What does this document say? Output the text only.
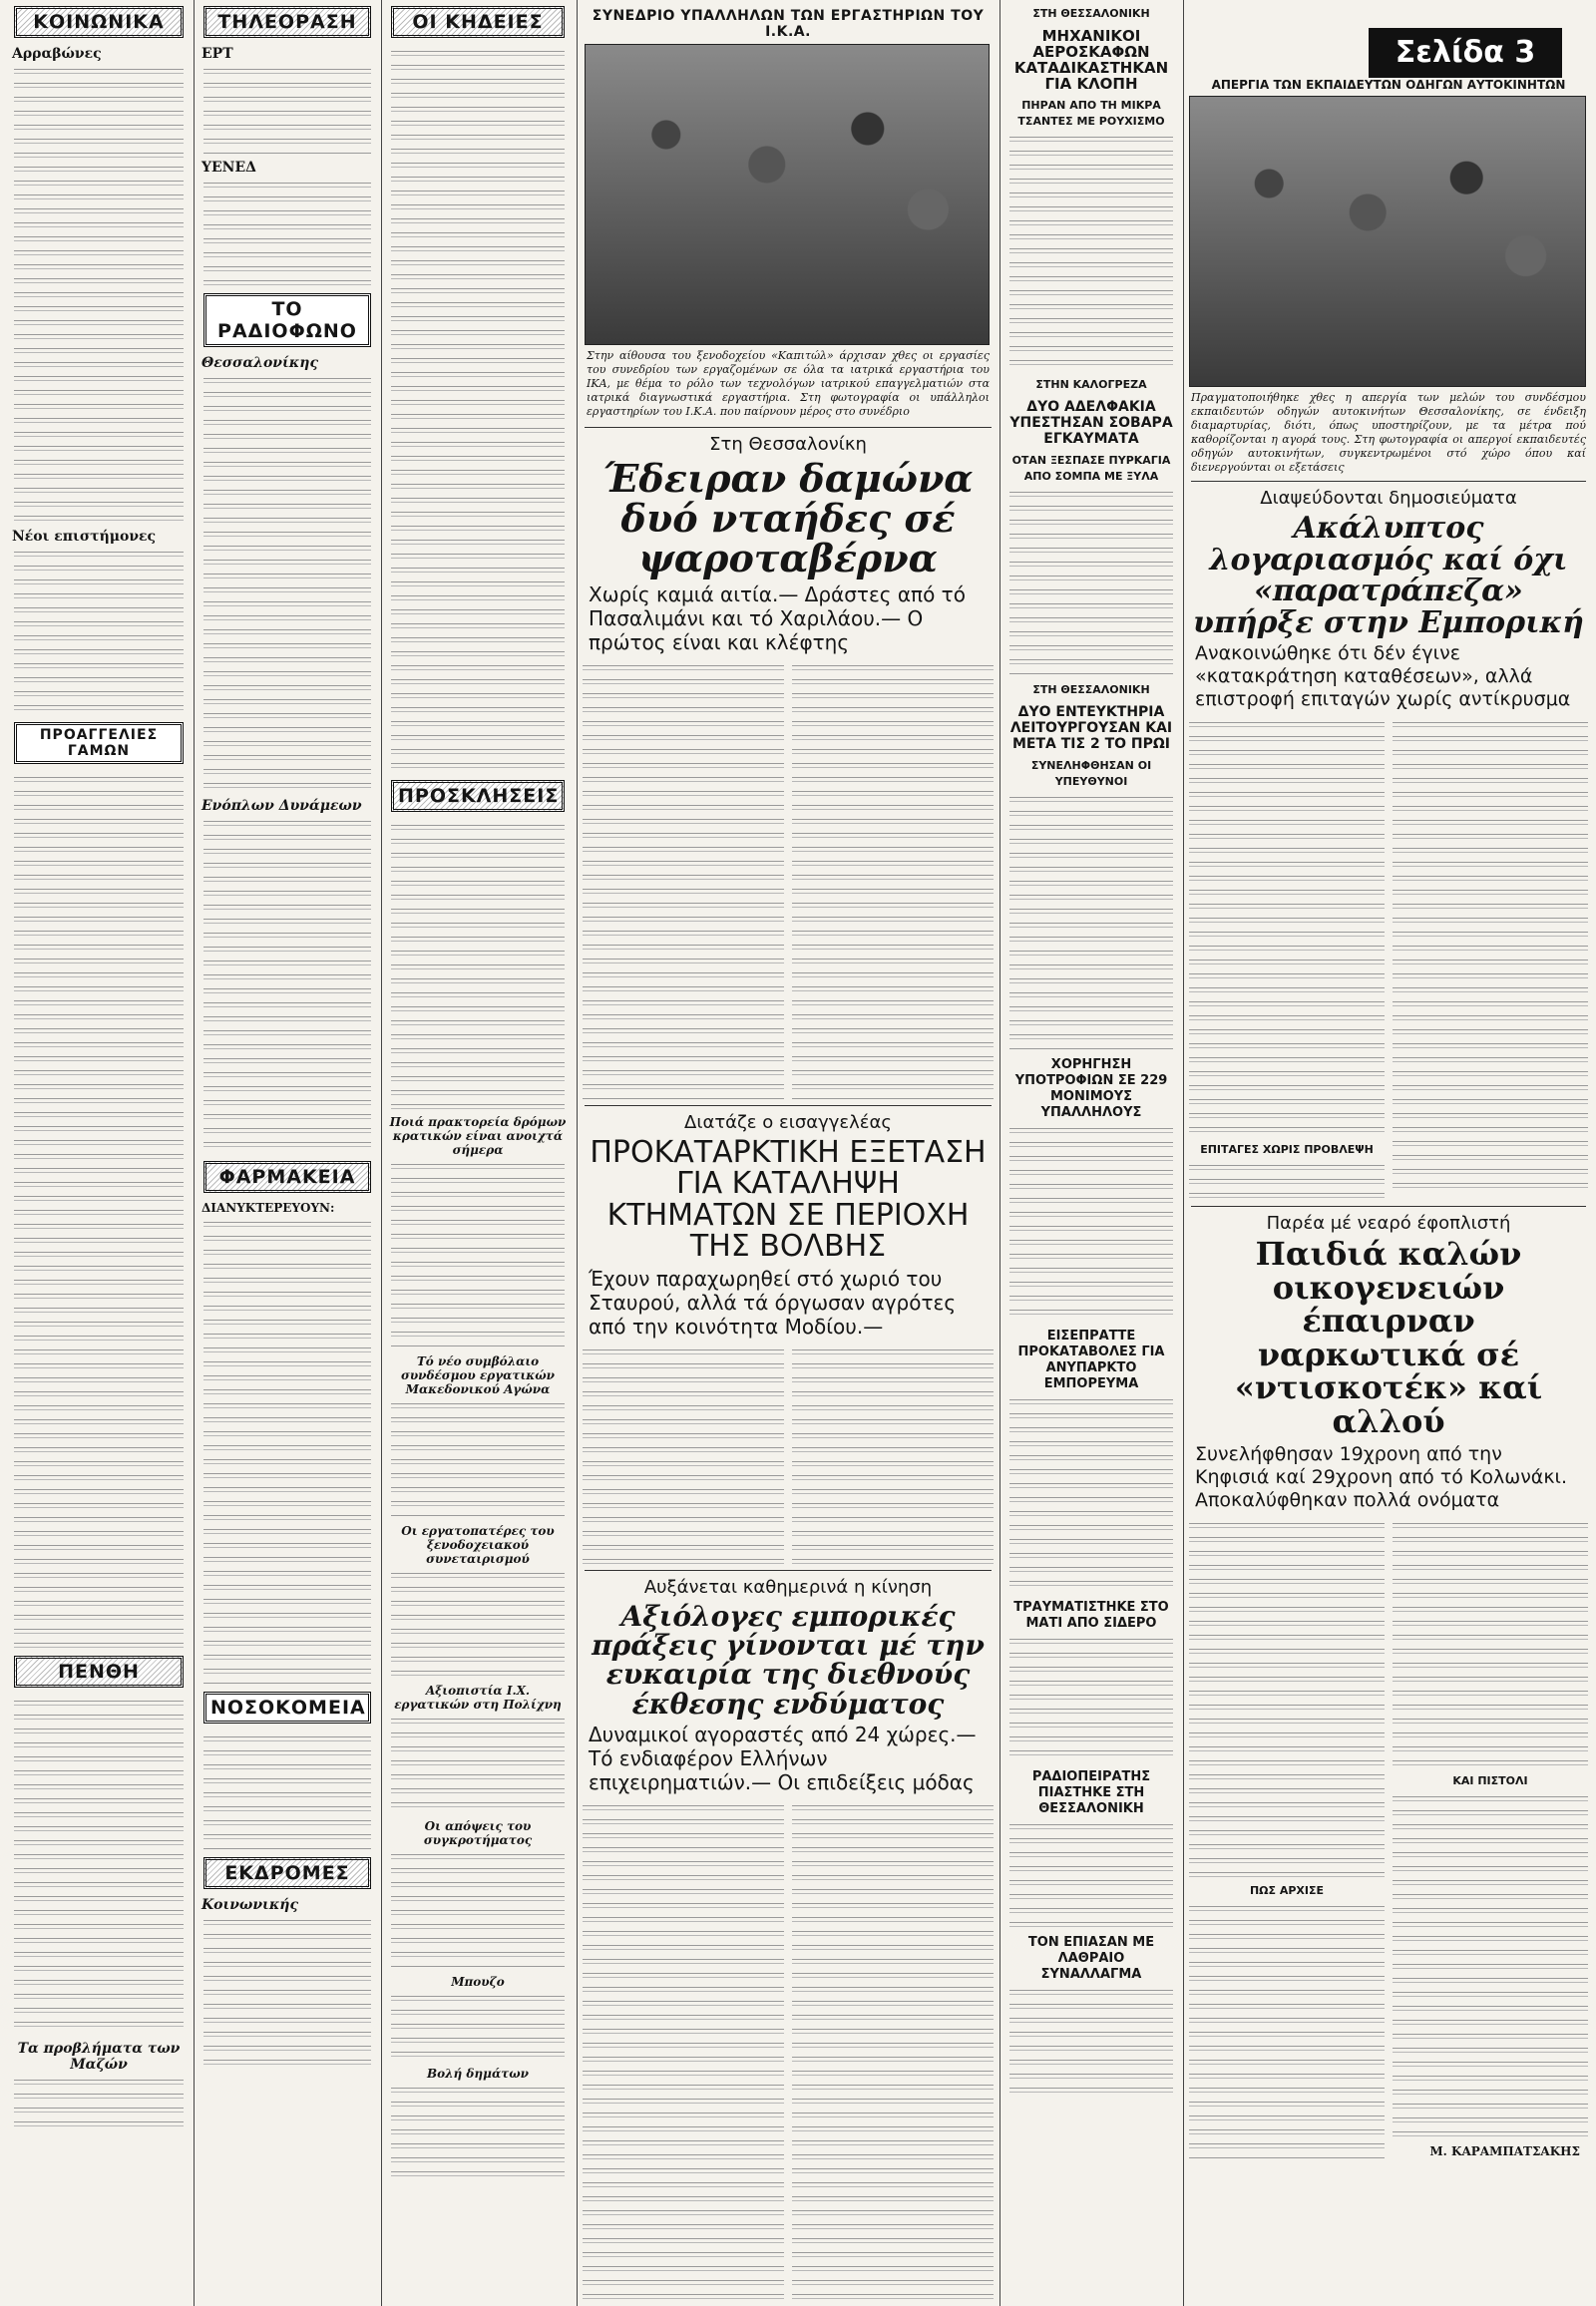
ΚΟΙΝΩΝΙΚΑ
Αρραβώνες
Νέοι επιστήμονες
ΠΡΟΑΓΓΕΛΙΕΣ ΓΑΜΩΝ
ΠΕΝΘΗ
Τα προβλήματα των Μαζών
ΤΗΛΕΟΡΑΣΗ
ΕΡΤ
ΥΕΝΕΔ
ΤΟ ΡΑΔΙΟΦΩΝΟ
Θεσσαλονίκης
Ενόπλων Δυνάμεων
ΦΑΡΜΑΚΕΙΑ
ΔΙΑΝΥΚΤΕΡΕΥΟΥΝ:
ΝΟΣΟΚΟΜΕΙΑ
ΕΚΔΡΟΜΕΣ
Κοινωνικής
ΟΙ ΚΗΔΕΙΕΣ
ΠΡΟΣΚΛΗΣΕΙΣ
Ποιά πρακτορεία δρόμων κρατικών είναι ανοιχτά σήμερα
Τό νέο συμβόλαιο συνδέσμου εργατικών Μακεδονικού Αγώνα
Οι εργατοπατέρες του ξενοδοχειακού συνεταιρισμού
Αξιοπιστία Ι.Χ. εργατικών στη Πολίχνη
Οι απόψεις του συγκροτήματος
Μπουζο
Βολή δημάτων
ΣΥΝΕΔΡΙΟ ΥΠΑΛΛΗΛΩΝ ΤΩΝ ΕΡΓΑΣΤΗΡΙΩΝ ΤΟΥ Ι.Κ.Α.
Στην αίθουσα του ξενοδοχείου «Καπιτώλ» άρχισαν χθες οι εργασίες του συνεδρίου των εργαζομένων σε όλα τα ιατρικά εργαστήρια του ΙΚΑ, με θέμα το ρόλο των τεχνολόγων ιατρικού επαγγελματιών στα ιατρικά διαγνωστικά εργαστήρια. Στη φωτογραφία οι υπάλληλοι εργαστηρίων του Ι.Κ.Α. που παίρνουν μέρος στο συνέδριο
Στη Θεσσαλονίκη
Έδειραν δαμώνα δυό νταήδες σέ ψαροταβέρνα
Χωρίς καμιά αιτία.— Δράστες από τό Πασαλιμάνι και τό Χαριλάου.— Ο πρώτος είναι και κλέφτης
Διατάζε ο εισαγγελέας
ΠΡΟΚΑΤΑΡΚΤΙΚΗ ΕΞΕΤΑΣΗ ΓΙΑ ΚΑΤΑΛΗΨΗ ΚΤΗΜΑΤΩΝ ΣΕ ΠΕΡΙΟΧΗ ΤΗΣ ΒΟΛΒΗΣ
Έχουν παραχωρηθεί στό χωριό του Σταυρού, αλλά τά όργωσαν αγρότες από την κοινότητα Μοδίου.—
Αυξάνεται καθημερινά η κίνηση
Αξιόλογες εμπορικές πράξεις γίνονται μέ την ευκαιρία της διεθνούς έκθεσης ενδύματος
Δυναμικοί αγοραστές από 24 χώρες.— Τό ενδιαφέρον Ελλήνων επιχειρηματιών.— Οι επιδείξεις μόδας
ΣΤΗ ΘΕΣΣΑΛΟΝΙΚΗ
ΜΗΧΑΝΙΚΟΙ ΑΕΡΟΣΚΑΦΩΝ ΚΑΤΑΔΙΚΑΣΤΗΚΑΝ ΓΙΑ ΚΛΟΠΗ
ΠΗΡΑΝ ΑΠΟ ΤΗ ΜΙΚΡΑ ΤΣΑΝΤΕΣ ΜΕ ΡΟΥΧΙΣΜΟ
ΣΤΗΝ ΚΑΛΟΓΡΕΖΑ
ΔΥΟ ΑΔΕΛΦΑΚΙΑ ΥΠΕΣΤΗΣΑΝ ΣΟΒΑΡΑ ΕΓΚΑΥΜΑΤΑ
ΟΤΑΝ ΞΕΣΠΑΣΕ ΠΥΡΚΑΓΙΑ ΑΠΟ ΣΟΜΠΑ ΜΕ ΞΥΛΑ
ΣΤΗ ΘΕΣΣΑΛΟΝΙΚΗ
ΔΥΟ ΕΝΤΕΥΚΤΗΡΙΑ ΛΕΙΤΟΥΡΓΟΥΣΑΝ ΚΑΙ ΜΕΤΑ ΤΙΣ 2 ΤΟ ΠΡΩΙ
ΣΥΝΕΛΗΦΘΗΣΑΝ ΟΙ ΥΠΕΥΘΥΝΟΙ
ΧΟΡΗΓΗΣΗ ΥΠΟΤΡΟΦΙΩΝ ΣΕ 229 ΜΟΝΙΜΟΥΣ ΥΠΑΛΛΗΛΟΥΣ
ΕΙΣΕΠΡΑΤΤΕ ΠΡΟΚΑΤΑΒΟΛΕΣ ΓΙΑ ΑΝΥΠΑΡΚΤΟ ΕΜΠΟΡΕΥΜΑ
ΤΡΑΥΜΑΤΙΣΤΗΚΕ ΣΤΟ ΜΑΤΙ ΑΠΟ ΣΙΔΕΡΟ
ΡΑΔΙΟΠΕΙΡΑΤΗΣ ΠΙΑΣΤΗΚΕ ΣΤΗ ΘΕΣΣΑΛΟΝΙΚΗ
ΤΟΝ ΕΠΙΑΣΑΝ ΜΕ ΛΑΘΡΑΙΟ ΣΥΝΑΛΛΑΓΜΑ
Σελίδα 3
ΑΠΕΡΓΙΑ ΤΩΝ ΕΚΠΑΙΔΕΥΤΩΝ ΟΔΗΓΩΝ ΑΥΤΟΚΙΝΗΤΩΝ
Πραγματοποιήθηκε χθες η απεργία των μελών του συνδέσμου εκπαιδευτών οδηγών αυτοκινήτων Θεσσαλονίκης, σε ένδειξη διαμαρτυρίας, διότι, όπως υποστηρίζουν, με τα μέτρα πού καθορίζονται η αγορά τους. Στη φωτογραφία οι απεργοί εκπαιδευτές οδηγών αυτοκινήτων, συγκεντρωμένοι στό χώρο όπου καί διενεργούνται οι εξετάσεις
Διαψεύδονται δημοσιεύματα
Ακάλυπτος λογαριασμός καί όχι «παρατράπεζα» υπήρξε στην Εμπορική
Ανακοινώθηκε ότι δέν έγινε «κατακράτηση καταθέσεων», αλλά επιστροφή επιταγών χωρίς αντίκρυσμα
ΕΠΙΤΑΓΕΣ ΧΩΡΙΣ ΠΡΟΒΛΕΨΗ
Παρέα μέ νεαρό έφοπλιστή
Παιδιά καλών οικογενειών έπαιρναν ναρκωτικά σέ «ντισκοτέκ» καί αλλού
Συνελήφθησαν 19χρονη από την Κηφισιά καί 29χρονη από τό Κολωνάκι. Αποκαλύφθηκαν πολλά ονόματα
ΠΩΣ ΑΡΧΙΣΕ
ΚΑΙ ΠΙΣΤΟΛΙ
Μ. ΚΑΡΑΜΠΑΤΣΑΚΗΣ
